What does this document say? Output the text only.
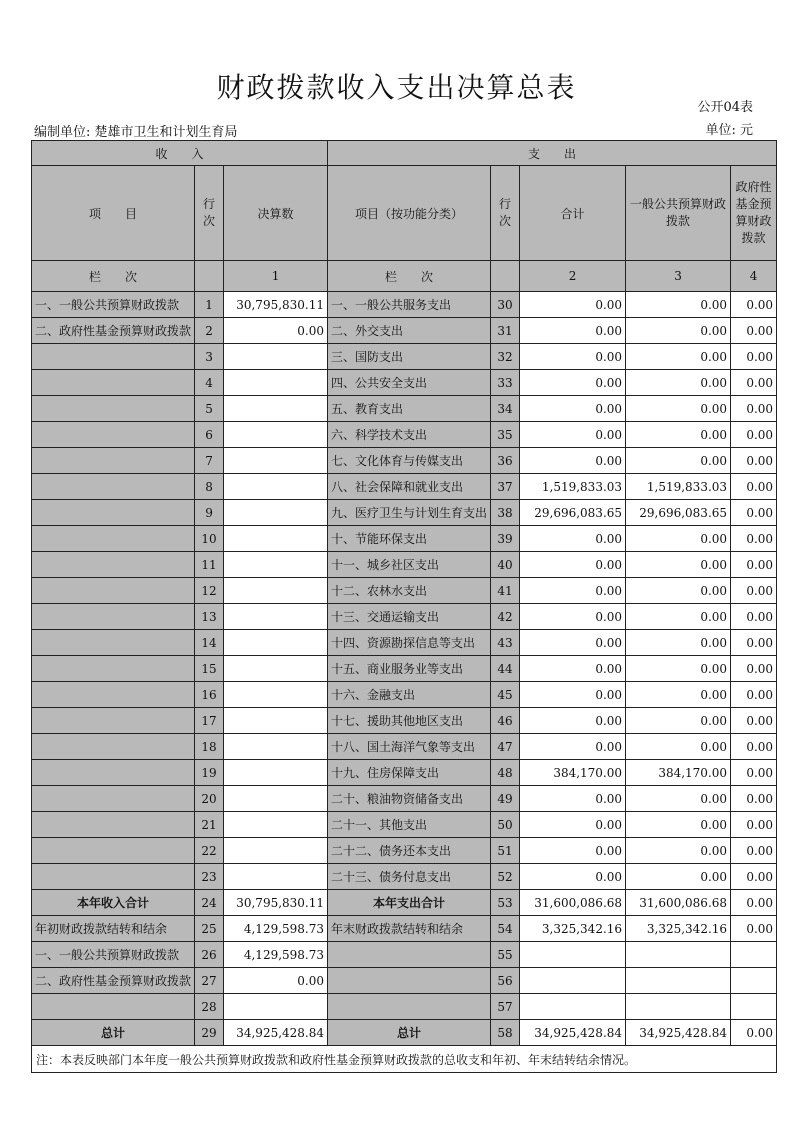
财政拨款收入支出决算总表
公开04表
编制单位: 楚雄市卫生和计划生育局	单位: 元
收　　入			支　　出				
项　　目	行次	决算数	项目（按功能分类）	行次	合计	一般公共预算财政拨款	政府性基金预算财政拨款
栏　　次		1	栏　　次		2	3	4
一、一般公共预算财政拨款	1	30,795,830.11	一、一般公共服务支出	30	0.00	0.00	0.00
二、政府性基金预算财政拨款	2	0.00	二、外交支出	31	0.00	0.00	0.00
	3		三、国防支出	32	0.00	0.00	0.00
	4		四、公共安全支出	33	0.00	0.00	0.00
	5		五、教育支出	34	0.00	0.00	0.00
	6		六、科学技术支出	35	0.00	0.00	0.00
	7		七、文化体育与传媒支出	36	0.00	0.00	0.00
	8		八、社会保障和就业支出	37	1,519,833.03	1,519,833.03	0.00
	9		九、医疗卫生与计划生育支出	38	29,696,083.65	29,696,083.65	0.00
	10		十、节能环保支出	39	0.00	0.00	0.00
	11		十一、城乡社区支出	40	0.00	0.00	0.00
	12		十二、农林水支出	41	0.00	0.00	0.00
	13		十三、交通运输支出	42	0.00	0.00	0.00
	14		十四、资源勘探信息等支出	43	0.00	0.00	0.00
	15		十五、商业服务业等支出	44	0.00	0.00	0.00
	16		十六、金融支出	45	0.00	0.00	0.00
	17		十七、援助其他地区支出	46	0.00	0.00	0.00
	18		十八、国土海洋气象等支出	47	0.00	0.00	0.00
	19		十九、住房保障支出	48	384,170.00	384,170.00	0.00
	20		二十、粮油物资储备支出	49	0.00	0.00	0.00
	21		二十一、其他支出	50	0.00	0.00	0.00
	22		二十二、债务还本支出	51	0.00	0.00	0.00
	23		二十三、债务付息支出	52	0.00	0.00	0.00
本年收入合计	24	30,795,830.11	本年支出合计	53	31,600,086.68	31,600,086.68	0.00
年初财政拨款结转和结余	25	4,129,598.73	年末财政拨款结转和结余	54	3,325,342.16	3,325,342.16	0.00
一、一般公共预算财政拨款	26	4,129,598.73		55			
二、政府性基金预算财政拨款	27	0.00		56			
	28			57			
总计	29	34,925,428.84	总计	58	34,925,428.84	34,925,428.84	0.00
注：本表反映部门本年度一般公共预算财政拨款和政府性基金预算财政拨款的总收支和年初、年末结转结余情况。							
